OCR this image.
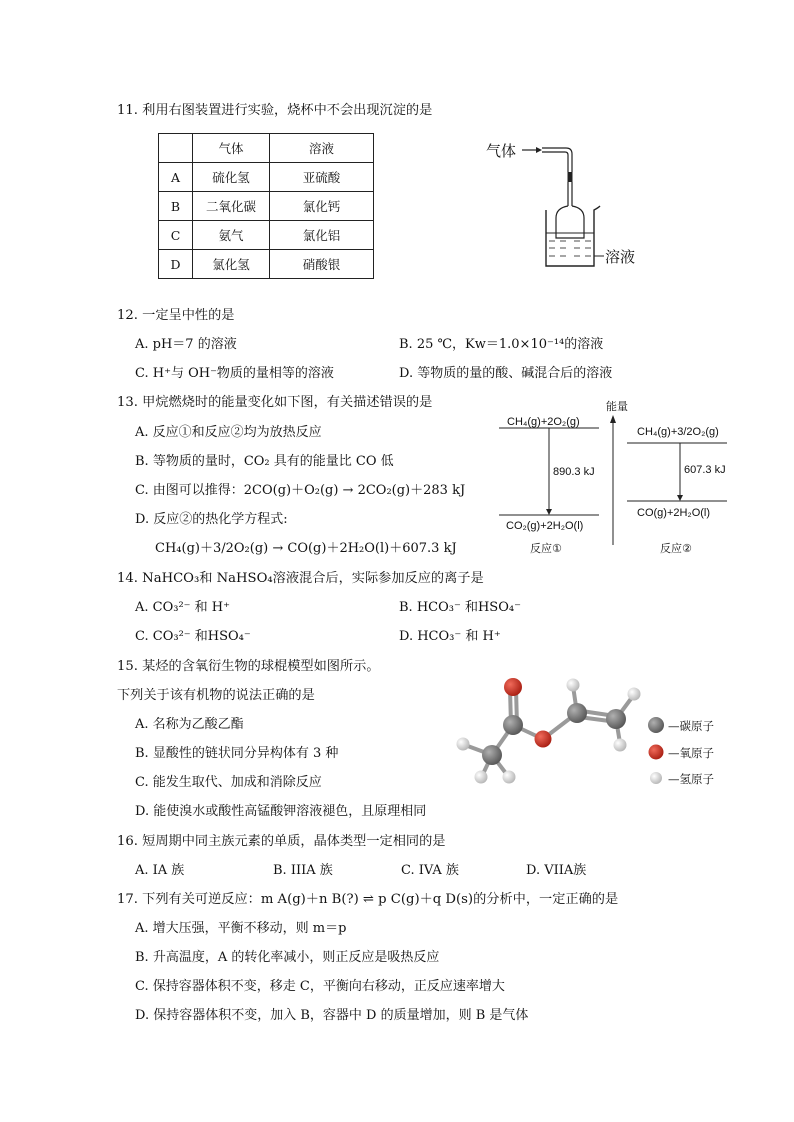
11. 利用右图装置进行实验，烧杯中不会出现沉淀的是
	气体	溶液
A	硫化氢	亚硫酸
B	二氧化碳	氯化钙
C	氨气	氯化铝
D	氯化氢	硝酸银
气体
溶液
12. 一定呈中性的是
A. pH＝7 的溶液	B. 25 ℃，Kw＝1.0×10⁻¹⁴的溶液
C. H⁺与 OH⁻物质的量相等的溶液	D. 等物质的量的酸、碱混合后的溶液
13. 甲烷燃烧时的能量变化如下图，有关描述错误的是
A. 反应①和反应②均为放热反应
B. 等物质的量时，CO₂ 具有的能量比 CO 低
C. 由图可以推得：2CO(g)＋O₂(g) → 2CO₂(g)＋283 kJ
D. 反应②的热化学方程式:
CH₄(g)＋3/2O₂(g) → CO(g)＋2H₂O(l)＋607.3 kJ
能量
CH₄(g)+2O₂(g)
890.3 kJ
CO₂(g)+2H₂O(l)
反应①
CH₄(g)+3/2O₂(g)
607.3 kJ
CO(g)+2H₂O(l)
反应②
14. NaHCO₃和 NaHSO₄溶液混合后，实际参加反应的离子是
A. CO₃²⁻ 和 H⁺	B. HCO₃⁻ 和HSO₄⁻
C. CO₃²⁻ 和HSO₄⁻	D. HCO₃⁻ 和 H⁺
15. 某烃的含氧衍生物的球棍模型如图所示。
下列关于该有机物的说法正确的是
A. 名称为乙酸乙酯
B. 显酸性的链状同分异构体有 3 种
C. 能发生取代、加成和消除反应
D. 能使溴水或酸性高锰酸钾溶液褪色，且原理相同
—碳原子
—氧原子
—氢原子
16. 短周期中同主族元素的单质，晶体类型一定相同的是
A. IA 族	B. IIIA 族	C. IVA 族	D. VIIA族
17. 下列有关可逆反应：m A(g)＋n B(?) ⇌ p C(g)＋q D(s)的分析中，一定正确的是
A. 增大压强，平衡不移动，则 m＝p
B. 升高温度，A 的转化率减小，则正反应是吸热反应
C. 保持容器体积不变，移走 C，平衡向右移动，正反应速率增大
D. 保持容器体积不变，加入 B，容器中 D 的质量增加，则 B 是气体
